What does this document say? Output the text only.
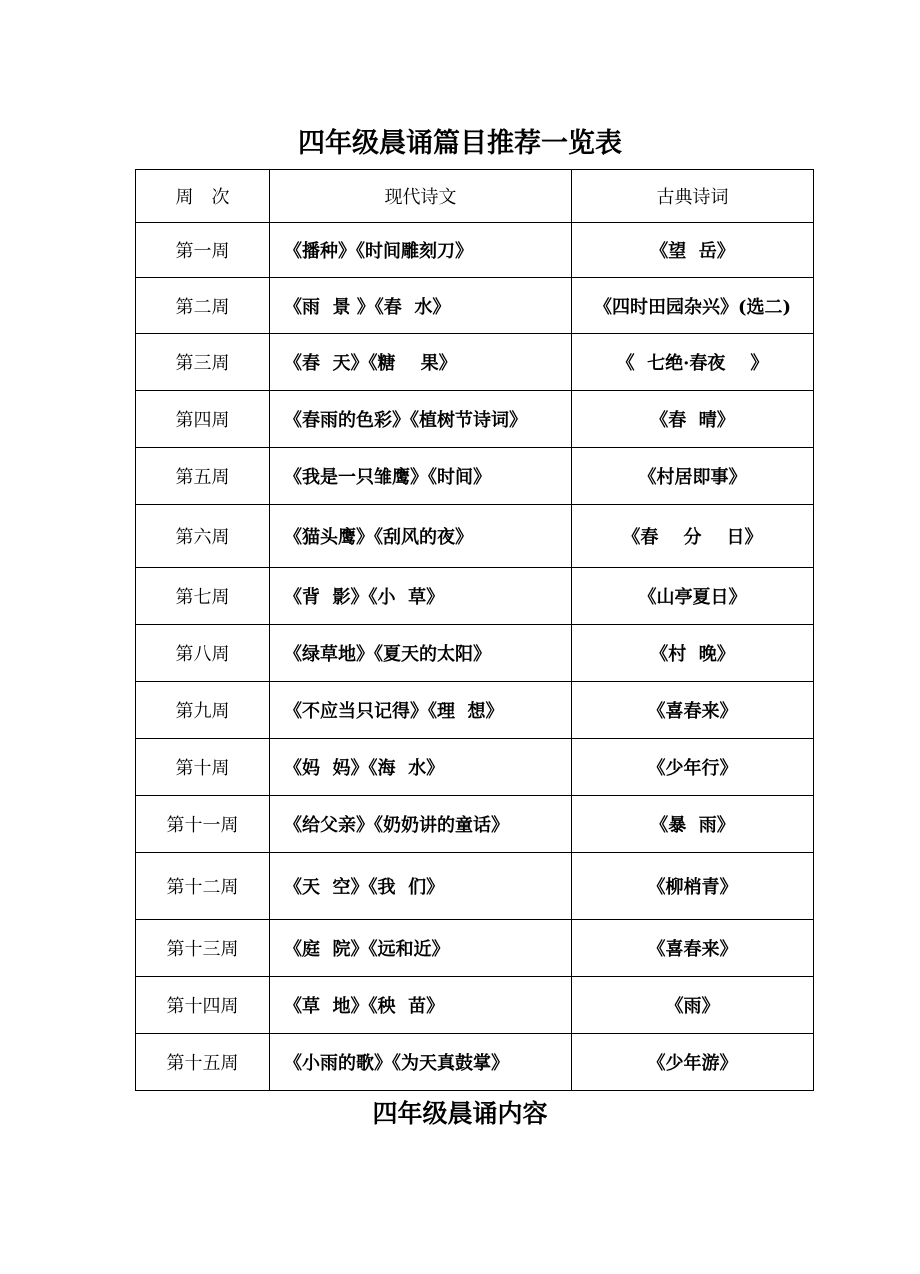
四年级晨诵篇目推荐一览表
周　次	现代诗文	古典诗词
第一周	《播种》《时间雕刻刀》	《望  岳》
第二周	《雨  景 》《春  水》	《四时田园杂兴》(选二)
第三周	《春  天》《糖    果》	《  七绝·春夜    》
第四周	《春雨的色彩》《植树节诗词》	《春  晴》
第五周	《我是一只雏鹰》《时间》	《村居即事》
第六周	《猫头鹰》《刮风的夜》	《春    分    日》
第七周	《背  影》《小  草》	《山亭夏日》
第八周	《绿草地》《夏天的太阳》	《村  晚》
第九周	《不应当只记得》《理  想》	《喜春来》
第十周	《妈  妈》《海  水》	《少年行》
第十一周	《给父亲》《奶奶讲的童话》	《暴  雨》
第十二周	《天  空》《我  们》	《柳梢青》
第十三周	《庭  院》《远和近》	《喜春来》
第十四周	《草  地》《秧  苗》	《雨》
第十五周	《小雨的歌》《为天真鼓掌》	《少年游》
四年级晨诵内容
